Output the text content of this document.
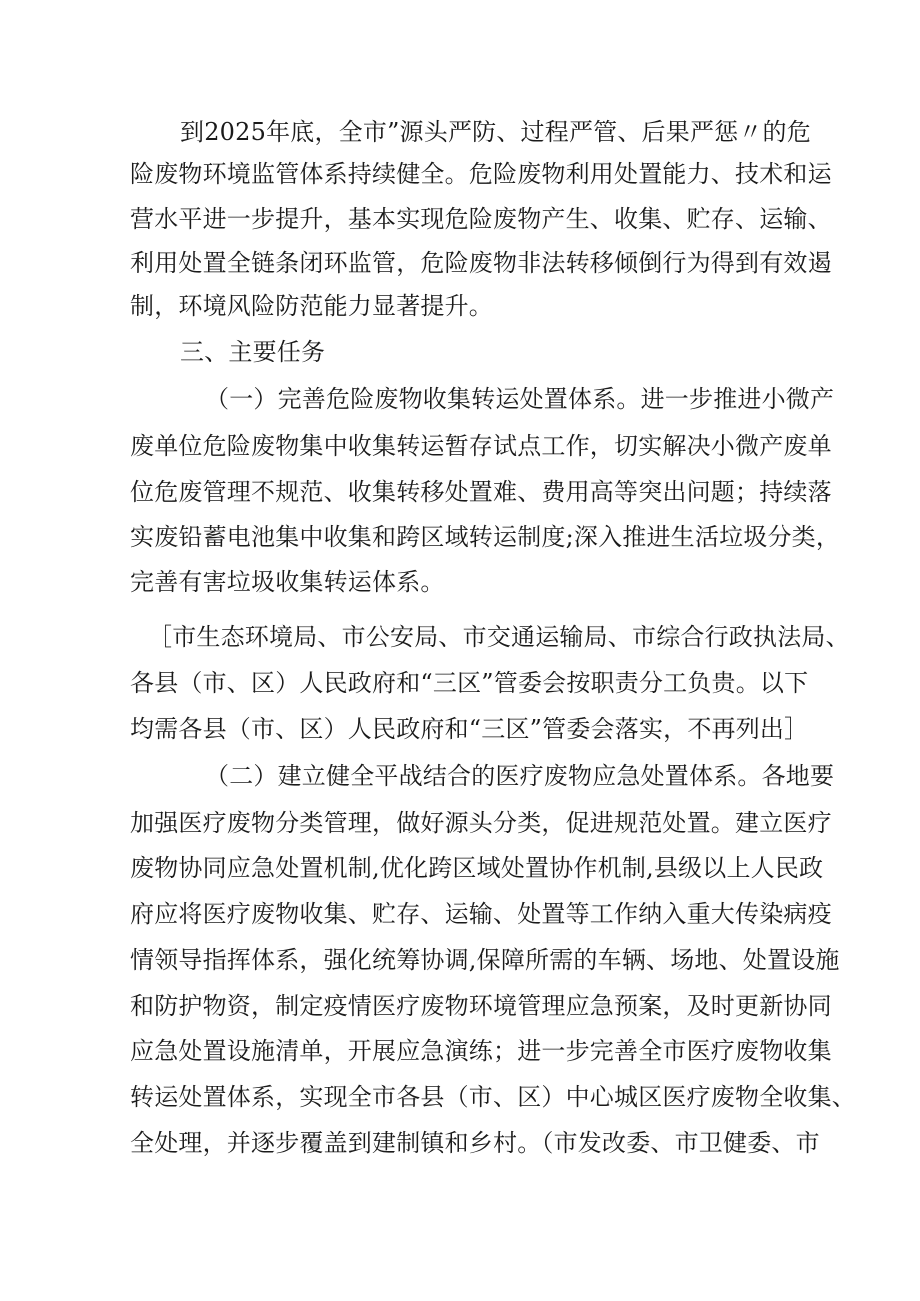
到2025年底，全市”源头严防、过程严管、后果严惩〃的危
险废物环境监管体系持续健全。危险废物利用处置能力、技术和运
营水平进一步提升，基本实现危险废物产生、收集、贮存、运输、
利用处置全链条闭环监管，危险废物非法转移倾倒行为得到有效遏
制，环境风险防范能力显著提升。
三、主要任务
（一）完善危险废物收集转运处置体系。进一步推进小微产
废单位危险废物集中收集转运暂存试点工作，切实解决小微产废单
位危废管理不规范、收集转移处置难、费用高等突出问题；持续落
实废铅蓄电池集中收集和跨区域转运制度;深入推进生活垃圾分类，
完善有害垃圾收集转运体系。
［市生态环境局、市公安局、市交通运输局、市综合行政执法局、
各县（市、区）人民政府和“三区”管委会按职责分工负贵。以下
均需各县（市、区）人民政府和“三区”管委会落实，不再列出］
（二）建立健全平战结合的医疗废物应急处置体系。各地要
加强医疗废物分类管理，做好源头分类，促进规范处置。建立医疗
废物协同应急处置机制,优化跨区域处置协作机制,县级以上人民政
府应将医疗废物收集、贮存、运输、处置等工作纳入重大传染病疫
情领导指挥体系，强化统筹协调,保障所需的车辆、场地、处置设施
和防护物资，制定疫情医疗废物环境管理应急预案，及时更新协同
应急处置设施清单，开展应急演练；进一步完善全市医疗废物收集
转运处置体系，实现全市各县（市、区）中心城区医疗废物全收集、
全处理，并逐步覆盖到建制镇和乡村。（市发改委、市卫健委、市
